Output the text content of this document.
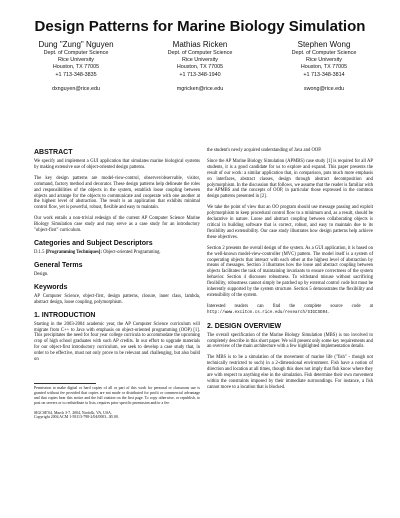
Design Patterns for Marine Biology Simulation
Dung "Zung" Nguyen
Dept. of Computer Science
Rice University
Houston, TX 77005
+1 713-348-3835
dxnguyen@rice.edu
Mathias Ricken
Dept. of Computer Science
Rice University
Houston, TX 77005
+1 713-348-1940
mgricken@rice.edu
Stephen Wong
Dept. of Computer Science
Rice University
Houston, TX 77005
+1 713-348-3814
swong@rice.edu
ABSTRACT

We specify and implement a GUI application that simulates marine biological systems by making extensive use of object-oriented design patterns.

The key design patterns are model-view-control, observer/observable, visitor, command, factory method and decorator. These design patterns help delineate the roles and responsibilities of the objects in the system, establish loose coupling between objects and arrange for the objects to communicate and cooperate with one another at the highest level of abstraction. The result is an application that exhibits minimal control flow, yet is powerful, robust, flexible and easy to maintain.

Our work entails a non-trivial redesign of the current AP Computer Science Marine Biology Simulation case study and may serve as a case study for an introductory "object-first" curriculum.

Categories and Subject Descriptors

D.1.5 [Programming Techniques]: Object-oriented Programming.

General Terms

Design.

Keywords

AP Computer Science, object-first, design patterns, closure, inner class, lambda, abstract design, loose coupling, polymorphism.

1. INTRODUCTION

Starting in the 2003-2004 academic year, the AP Computer Science curriculum will migrate from C++ to Java with emphasis on object-oriented programming (OOP) [1]. This precipitates the need for four year college curricula to accommodate the upcoming crop of high school graduates with such AP credits. In our effort to upgrade materials for our object-first introductory curriculum, we seek to develop a case study that, in order to be effective, must not only prove to be relevant and challenging, but also build on

Permission to make digital or hard copies of all or part of this work for personal or classroom use is granted without fee provided that copies are not made or distributed for profit or commercial advantage and that copies bear this notice and the full citation on the first page. To copy otherwise, or republish, to post on servers or to redistribute to lists, requires prior specific permission and/or a fee.

SIGCSE'04, March 3-7, 2004, Norfolk, VA, USA.

Copyright 2004 ACM 1-58113-798-2/04/0003...$5.00.

the student's newly acquired understanding of Java and OOP.

Since the AP Marine Biology Simulation (APMBS) case study [1] is required for all AP students, it is a good candidate for us to explore and expand. This paper presents the result of our work: a similar application that, in comparison, puts much more emphasis on interfaces, abstract classes, design through abstract decomposition and polymorphism. In the discussion that follows, we assume that the reader is familiar with the APMBS and the concepts of OOP, in particular those expressed in the common design patterns presented in [2].

We take the point of view that an OO program should use message passing and exploit polymorphism to keep procedural control flow to a minimum and, as a result, should be declarative in nature. Loose and abstract coupling between collaborating objects is critical in building software that is correct, robust, and easy to maintain due to its flexibility and extensibility. Our case study illustrates how design patterns help achieve these objectives.

Section 2 presents the overall design of the system. As a GUI application, it is based on the well-known model-view-controller (MVC) pattern. The model itself is a system of cooperating objects that interact with each other at the highest level of abstraction by means of messages. Section 3 illustrates how the loose and abstract coupling between objects facilitates the task of maintaining invariants to ensure correctness of the system behavior. Section 4 discusses robustness. To withstand misuse without sacrificing flexibility, robustness cannot simply be patched up by external control code but must be inherently supported by the system structure. Section 5 demonstrates the flexibility and extensibility of the system.

Interested readers can find the complete source code at http://www.exciton.cs.rice.edu/research/SIGCSE04.

2. DESIGN OVERVIEW

The overall specification of the Marine Biology Simulation (MBS) is too involved to completely describe in this short paper. We will present only some key requirements and an overview of the main architecture with a few highlighted implementation details.

The MBS is to be a simulation of the movement of marine life ("fish" - though not technically restricted to such) in a 2-dimensional environment. Fish have a notion of direction and location at all times, though this does not imply that fish know where they are with respect to anything else in the simulation. Fish determine their own movement within the constraints imposed by their immediate surroundings. For instance, a fish cannot move to a location that is blocked.
